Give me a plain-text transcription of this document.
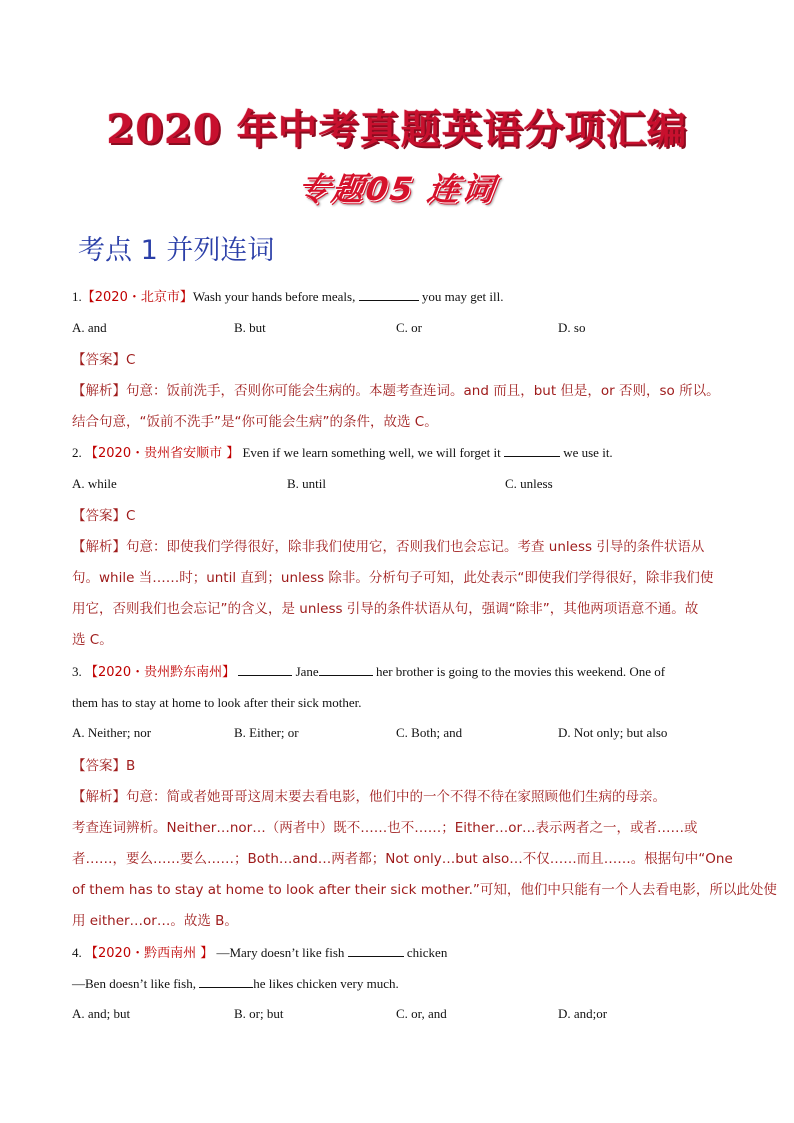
2020 年中考真题英语分项汇编
专题05 连词
考点 1 并列连词
1.【2020・北京市】Wash your hands before meals,	you may get ill.
A. and	B. but	C. or	D. so
【答案】C
【解析】句意：饭前洗手，否则你可能会生病的。本题考查连词。and 而且，but 但是，or 否则，so 所以。
结合句意，“饭前不洗手”是“你可能会生病”的条件，故选 C。
2. 【2020・贵州省安顺市 】 Even if we learn something well, we will forget it	we use it.
A. while	B. until	C. unless
【答案】C
【解析】句意：即使我们学得很好，除非我们使用它，否则我们也会忘记。考查 unless 引导的条件状语从
句。while 当……时；until 直到；unless 除非。分析句子可知，此处表示“即使我们学得很好，除非我们使
用它，否则我们也会忘记”的含义，是 unless 引导的条件状语从句，强调“除非”，其他两项语意不通。故
选 C。
3. 【2020・贵州黔东南州】	Jane	her brother is going to the movies this weekend. One of
them has to stay at home to look after their sick mother.
A. Neither; nor	B. Either; or	C. Both; and	D. Not only; but also
【答案】B
【解析】句意：简或者她哥哥这周末要去看电影，他们中的一个不得不待在家照顾他们生病的母亲。
考查连词辨析。Neither…nor…（两者中）既不……也不……；Either…or…表示两者之一，或者……或
者……，要么……要么……；Both…and…两者都；Not only…but also…不仅……而且……。根据句中“One
of them has to stay at home to look after their sick mother.”可知，他们中只能有一个人去看电影，所以此处使
用 either…or…。故选 B。
4. 【2020・黔西南州 】 —Mary doesn’t like fish	chicken
—Ben doesn’t like fish,	he likes chicken very much.
A. and; but	B. or; but	C. or, and	D. and;or
